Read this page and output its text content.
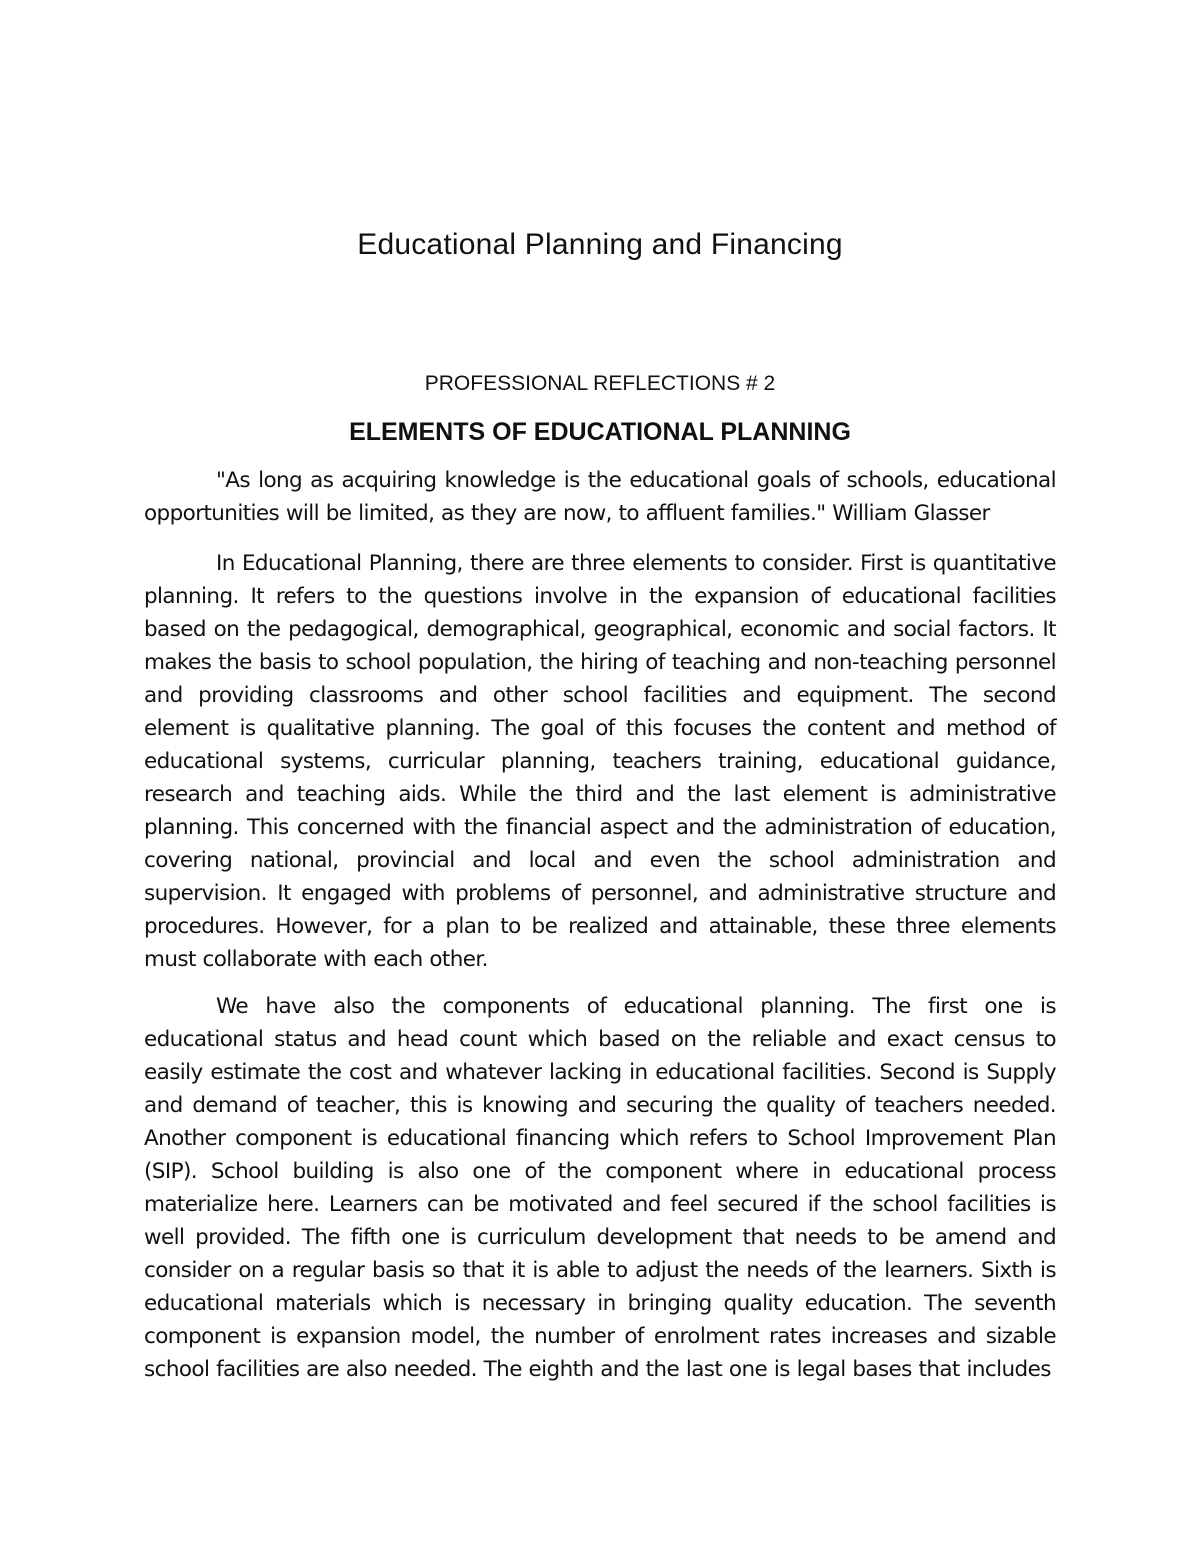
Educational Planning and Financing

PROFESSIONAL REFLECTIONS # 2

ELEMENTS OF EDUCATIONAL PLANNING

"As long as acquiring knowledge is the educational goals of schools, educational opportunities will be limited, as they are now, to affluent families." William Glasser

In Educational Planning, there are three elements to consider. First is quantitative planning. It refers to the questions involve in the expansion of educational facilities based on the pedagogical, demographical, geographical, economic and social factors. It makes the basis to school population, the hiring of teaching and non-teaching personnel and providing classrooms and other school facilities and equipment. The second element is qualitative planning. The goal of this focuses the content and method of educational systems, curricular planning, teachers training, educational guidance, research and teaching aids. While the third and the last element is administrative planning. This concerned with the financial aspect and the administration of education, covering national, provincial and local and even the school administration and supervision. It engaged with problems of personnel, and administrative structure and procedures. However, for a plan to be realized and attainable, these three elements must collaborate with each other.

We have also the components of educational planning. The first one is educational status and head count which based on the reliable and exact census to easily estimate the cost and whatever lacking in educational facilities. Second is Supply and demand of teacher, this is knowing and securing the quality of teachers needed. Another component is educational financing which refers to School Improvement Plan (SIP). School building is also one of the component where in educational process materialize here. Learners can be motivated and feel secured if the school facilities is well provided. The fifth one is curriculum development that needs to be amend and consider on a regular basis so that it is able to adjust the needs of the learners. Sixth is educational materials which is necessary in bringing quality education. The seventh component is expansion model, the number of enrolment rates increases and sizable school facilities are also needed. The eighth and the last one is legal bases that includes
